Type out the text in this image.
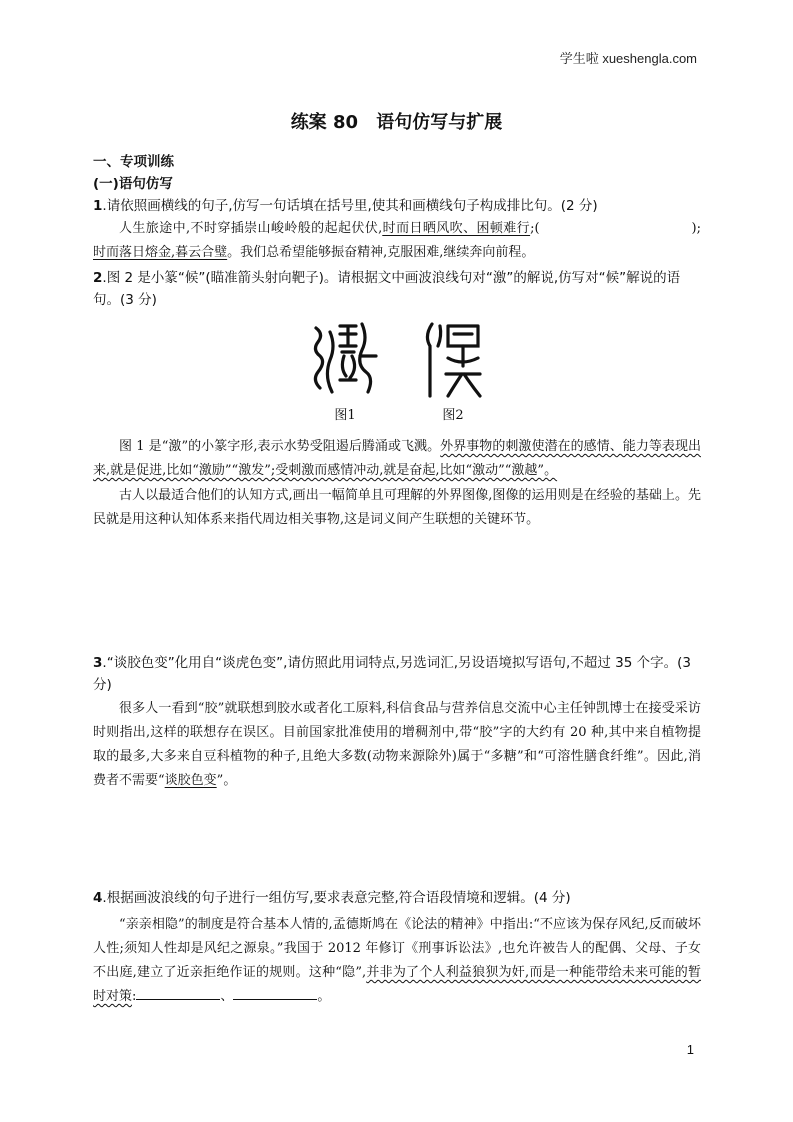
学生啦 xueshengla.com
练案 80 语句仿写与扩展
一、专项训练
(一)语句仿写
1.请依照画横线的句子,仿写一句话填在括号里,使其和画横线句子构成排比句。(2 分)
人生旅途中,不时穿插崇山峻岭般的起起伏伏,时而日晒风吹、困顿难行;(	);时而落日熔金,暮云合璧。我们总希望能够振奋精神,克服困难,继续奔向前程。
2.图 2 是小篆“候”(瞄准箭头射向靶子)。请根据文中画波浪线句对“激”的解说,仿写对“候”解说的语句。(3 分)
图1	图2
图 1 是“激”的小篆字形,表示水势受阻遏后腾涌或飞溅。外界事物的刺激使潜在的感情、能力等表现出来,就是促进,比如“激励”“激发”;受刺激而感情冲动,就是奋起,比如“激动”“激越”。
古人以最适合他们的认知方式,画出一幅简单且可理解的外界图像,图像的运用则是在经验的基础上。先民就是用这种认知体系来指代周边相关事物,这是词义间产生联想的关键环节。
3.“谈胶色变”化用自“谈虎色变”,请仿照此用词特点,另选词汇,另设语境拟写语句,不超过 35 个字。(3 分)
很多人一看到“胶”就联想到胶水或者化工原料,科信食品与营养信息交流中心主任钟凯博士在接受采访时则指出,这样的联想存在误区。目前国家批准使用的增稠剂中,带“胶”字的大约有 20 种,其中来自植物提取的最多,大多来自豆科植物的种子,且绝大多数(动物来源除外)属于“多糖”和“可溶性膳食纤维”。因此,消费者不需要“谈胶色变”。
4.根据画波浪线的句子进行一组仿写,要求表意完整,符合语段情境和逻辑。(4 分)
“亲亲相隐”的制度是符合基本人情的,孟德斯鸠在《论法的精神》中指出:“不应该为保存风纪,反而破坏人性;须知人性却是风纪之源泉。”我国于 2012 年修订《刑事诉讼法》,也允许被告人的配偶、父母、子女不出庭,建立了近亲拒绝作证的规则。这种“隐”,并非为了个人利益狼狈为奸,而是一种能带给未来可能的暂时对策:	、	。
1
